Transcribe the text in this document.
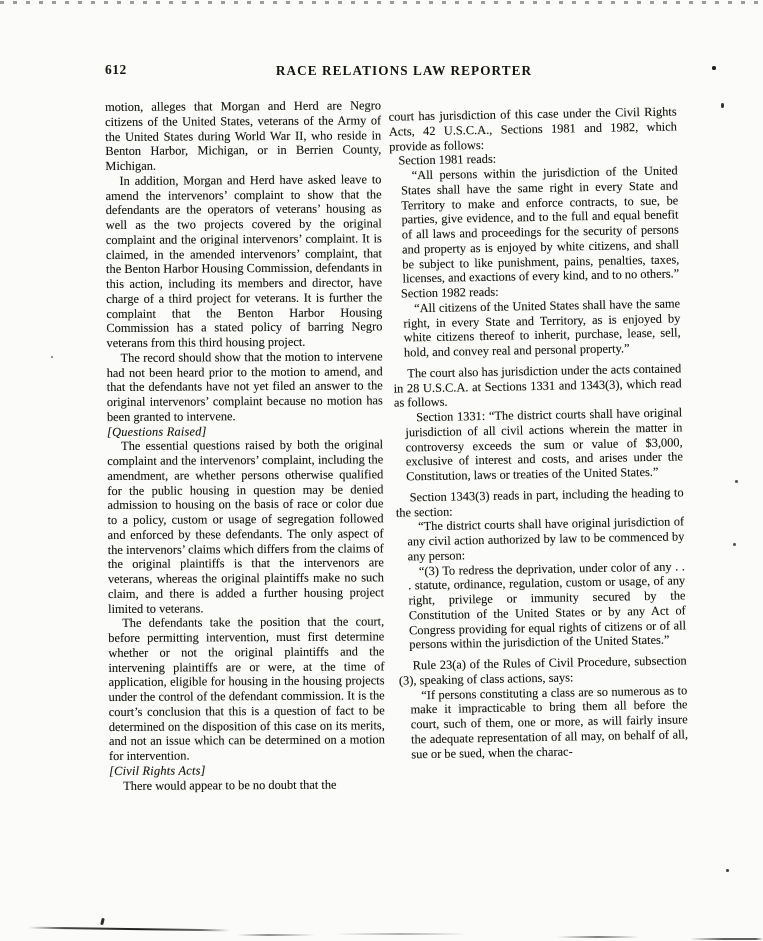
612	RACE RELATIONS LAW REPORTER

motion, alleges that Morgan and Herd are Negro citizens of the United States, veterans of the Army of the United States during World War II, who reside in Benton Harbor, Michigan, or in Berrien County, Michigan.

In addition, Morgan and Herd have asked leave to amend the intervenors’ complaint to show that the defendants are the operators of veterans’ housing as well as the two projects covered by the original complaint and the original intervenors’ complaint. It is claimed, in the amended intervenors’ complaint, that the Benton Harbor Housing Commission, defendants in this action, including its members and director, have charge of a third project for veterans. It is further the complaint that the Benton Harbor Housing Commission has a stated policy of barring Negro veterans from this third housing project.

The record should show that the motion to intervene had not been heard prior to the motion to amend, and that the defendants have not yet filed an answer to the original intervenors’ complaint because no motion has been granted to intervene.

[Questions Raised]

The essential questions raised by both the original complaint and the intervenors’ complaint, including the amendment, are whether persons otherwise qualified for the public housing in question may be denied admission to housing on the basis of race or color due to a policy, custom or usage of segregation followed and enforced by these defendants. The only aspect of the intervenors’ claims which differs from the claims of the original plaintiffs is that the intervenors are veterans, whereas the original plaintiffs make no such claim, and there is added a further housing project limited to veterans.

The defendants take the position that the court, before permitting intervention, must first determine whether or not the original plaintiffs and the intervening plaintiffs are or were, at the time of application, eligible for housing in the housing projects under the control of the defendant commission. It is the court’s conclusion that this is a question of fact to be determined on the disposition of this case on its merits, and not an issue which can be determined on a motion for intervention.

[Civil Rights Acts]

There would appear to be no doubt that the

court has jurisdiction of this case under the Civil Rights Acts, 42 U.S.C.A., Sections 1981 and 1982, which provide as follows:

Section 1981 reads:

“All persons within the jurisdiction of the United States shall have the same right in every State and Territory to make and enforce contracts, to sue, be parties, give evidence, and to the full and equal benefit of all laws and proceedings for the security of persons and property as is enjoyed by white citizens, and shall be subject to like punishment, pains, penalties, taxes, licenses, and exactions of every kind, and to no others.”

Section 1982 reads:

“All citizens of the United States shall have the same right, in every State and Territory, as is enjoyed by white citizens thereof to inherit, purchase, lease, sell, hold, and convey real and personal property.”

The court also has jurisdiction under the acts contained in 28 U.S.C.A. at Sections 1331 and 1343(3), which read as follows.

Section 1331: “The district courts shall have original jurisdiction of all civil actions wherein the matter in controversy exceeds the sum or value of $3,000, exclusive of interest and costs, and arises under the Constitution, laws or treaties of the United States.”

Section 1343(3) reads in part, including the heading to the section:

“The district courts shall have original jurisdiction of any civil action authorized by law to be commenced by any person:

“(3) To redress the deprivation, under color of any . . . statute, ordinance, regulation, custom or usage, of any right, privilege or immunity secured by the Constitution of the United States or by any Act of Congress providing for equal rights of citizens or of all persons within the jurisdiction of the United States.”

Rule 23(a) of the Rules of Civil Procedure, subsection (3), speaking of class actions, says:

“If persons constituting a class are so numerous as to make it impracticable to bring them all before the court, such of them, one or more, as will fairly insure the adequate representation of all may, on behalf of all, sue or be sued, when the charac-
